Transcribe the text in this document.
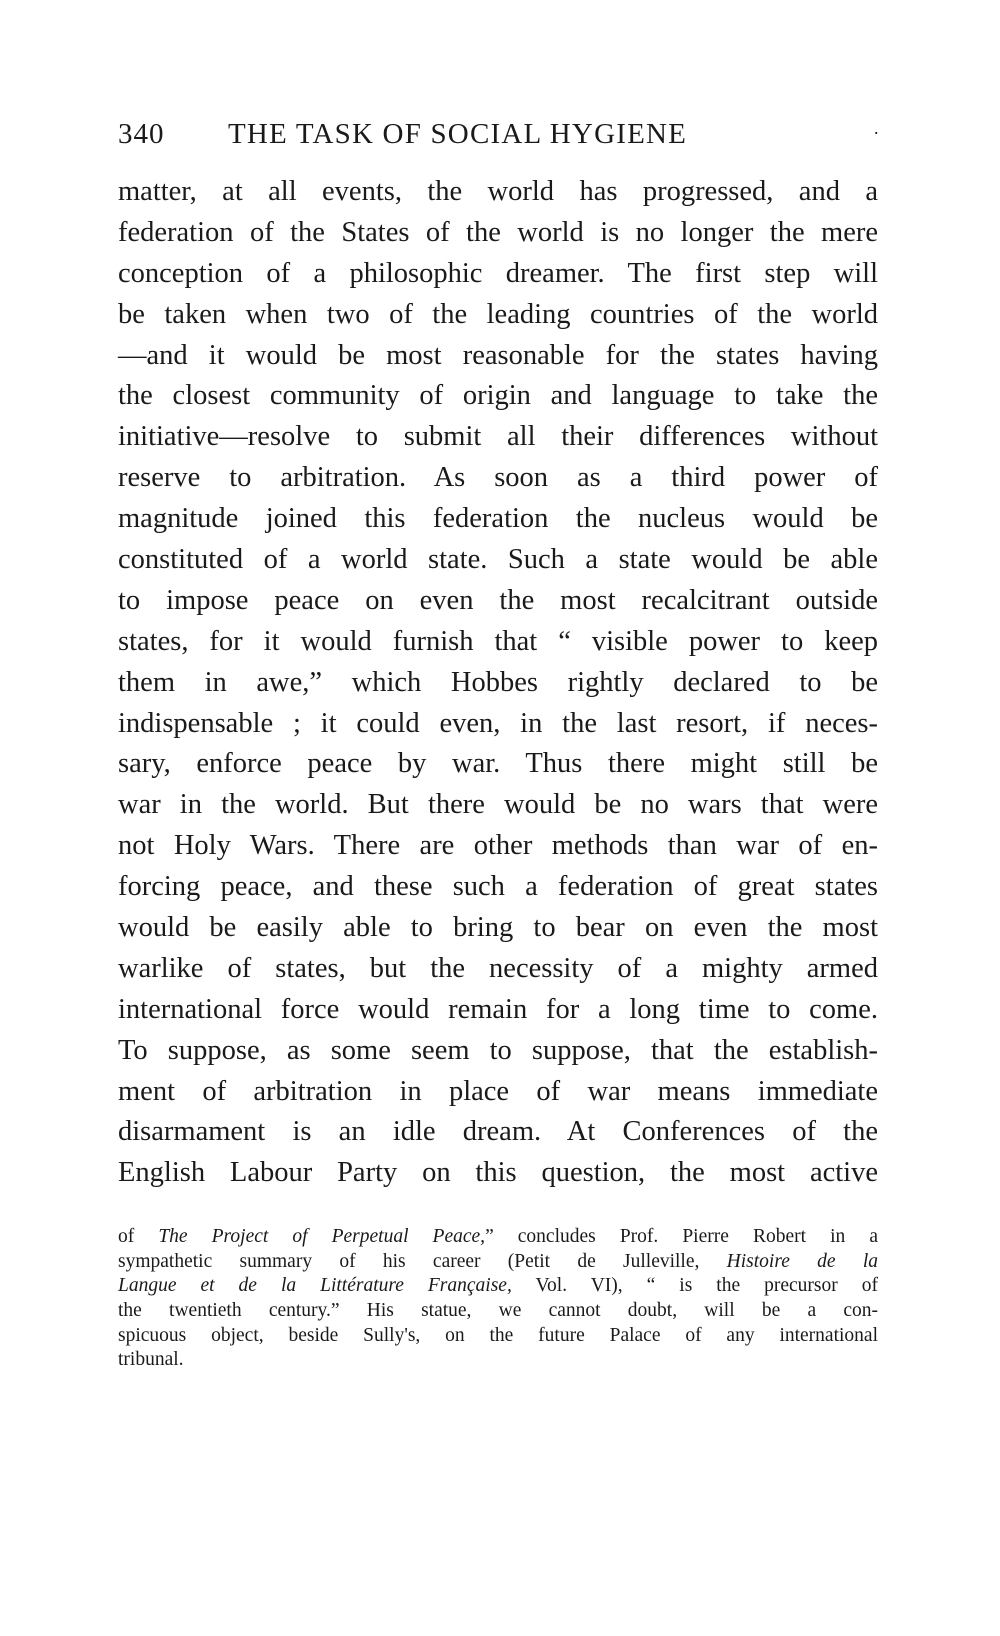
340 THE TASK OF SOCIAL HYGIENE	.
matter, at all events, the world has progressed, and a
federation of the States of the world is no longer the mere
conception of a philosophic dreamer. The first step will
be taken when two of the leading countries of the world
—and it would be most reasonable for the states having
the closest community of origin and language to take the
initiative—resolve to submit all their differences without
reserve to arbitration. As soon as a third power of
magnitude joined this federation the nucleus would be
constituted of a world state. Such a state would be able
to impose peace on even the most recalcitrant outside
states, for it would furnish that “ visible power to keep
them in awe,” which Hobbes rightly declared to be
indispensable ; it could even, in the last resort, if neces-
sary, enforce peace by war. Thus there might still be
war in the world. But there would be no wars that were
not Holy Wars. There are other methods than war of en-
forcing peace, and these such a federation of great states
would be easily able to bring to bear on even the most
warlike of states, but the necessity of a mighty armed
international force would remain for a long time to come.
To suppose, as some seem to suppose, that the establish-
ment of arbitration in place of war means immediate
disarmament is an idle dream. At Conferences of the
English Labour Party on this question, the most active
of The Project of Perpetual Peace,” concludes Prof. Pierre Robert in a
sympathetic summary of his career (Petit de Julleville, Histoire de la
Langue et de la Littérature Française, Vol. VI), “ is the precursor of
the twentieth century.” His statue, we cannot doubt, will be a con-
spicuous object, beside Sully's, on the future Palace of any international
tribunal.
